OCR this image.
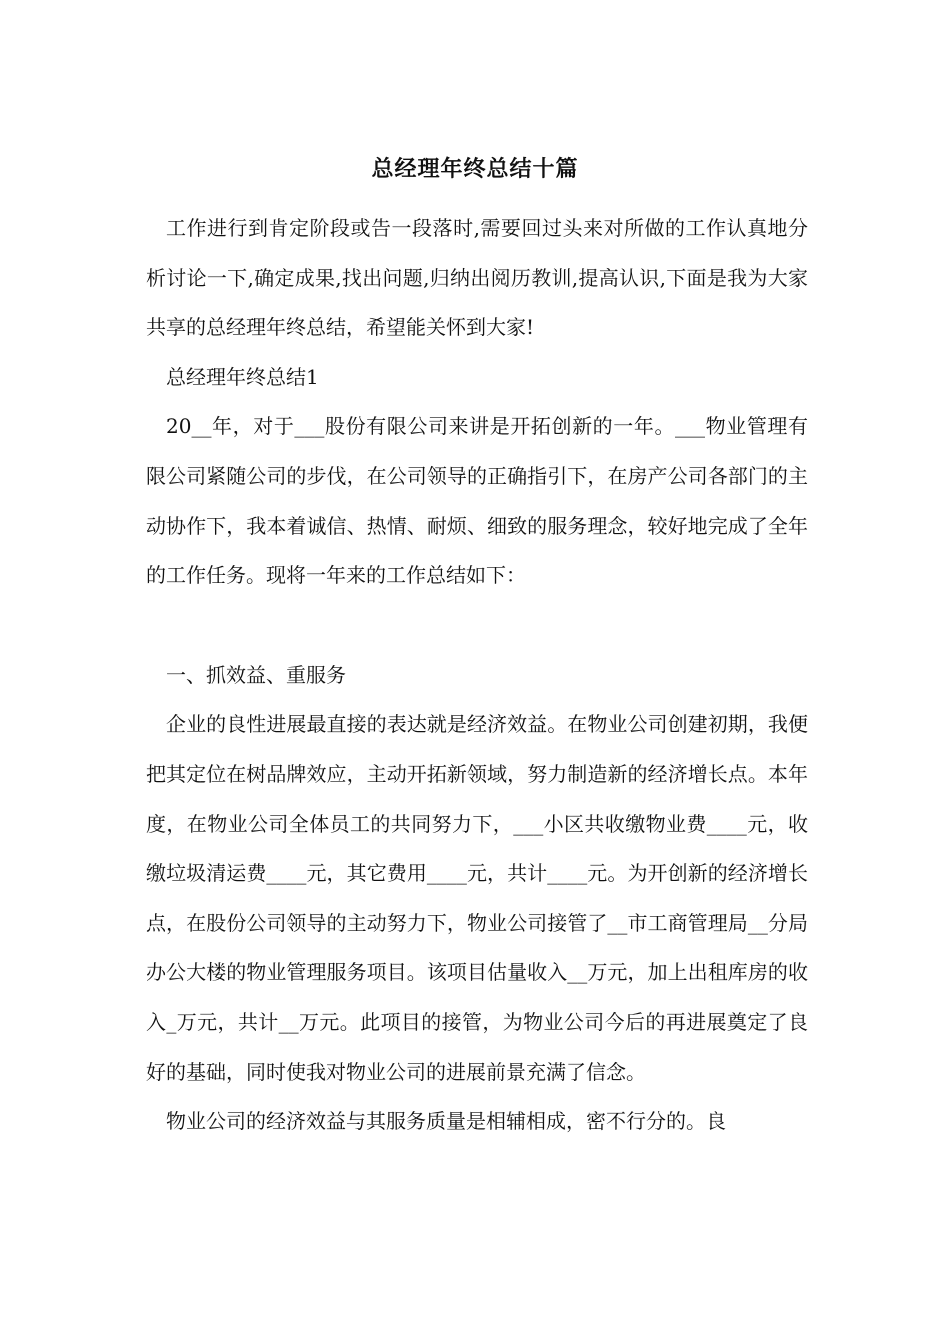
总经理年终总结十篇

工作进行到肯定阶段或告一段落时,需要回过头来对所做的工作认真地分析讨论一下,确定成果,找出问题,归纳出阅历教训,提高认识,下面是我为大家共享的总经理年终总结，希望能关怀到大家!

总经理年终总结1

20__年，对于___股份有限公司来讲是开拓创新的一年。___物业管理有限公司紧随公司的步伐，在公司领导的正确指引下，在房产公司各部门的主动协作下，我本着诚信、热情、耐烦、细致的服务理念，较好地完成了全年的工作任务。现将一年来的工作总结如下：

一、抓效益、重服务

企业的良性进展最直接的表达就是经济效益。在物业公司创建初期，我便把其定位在树品牌效应，主动开拓新领域，努力制造新的经济增长点。本年度，在物业公司全体员工的共同努力下，___小区共收缴物业费____元，收缴垃圾清运费____元，其它费用____元，共计____元。为开创新的经济增长点，在股份公司领导的主动努力下，物业公司接管了__市工商管理局__分局办公大楼的物业管理服务项目。该项目估量收入__万元，加上出租库房的收入_万元，共计__万元。此项目的接管，为物业公司今后的再进展奠定了良好的基础，同时使我对物业公司的进展前景充满了信念。

物业公司的经济效益与其服务质量是相辅相成，密不行分的。良
